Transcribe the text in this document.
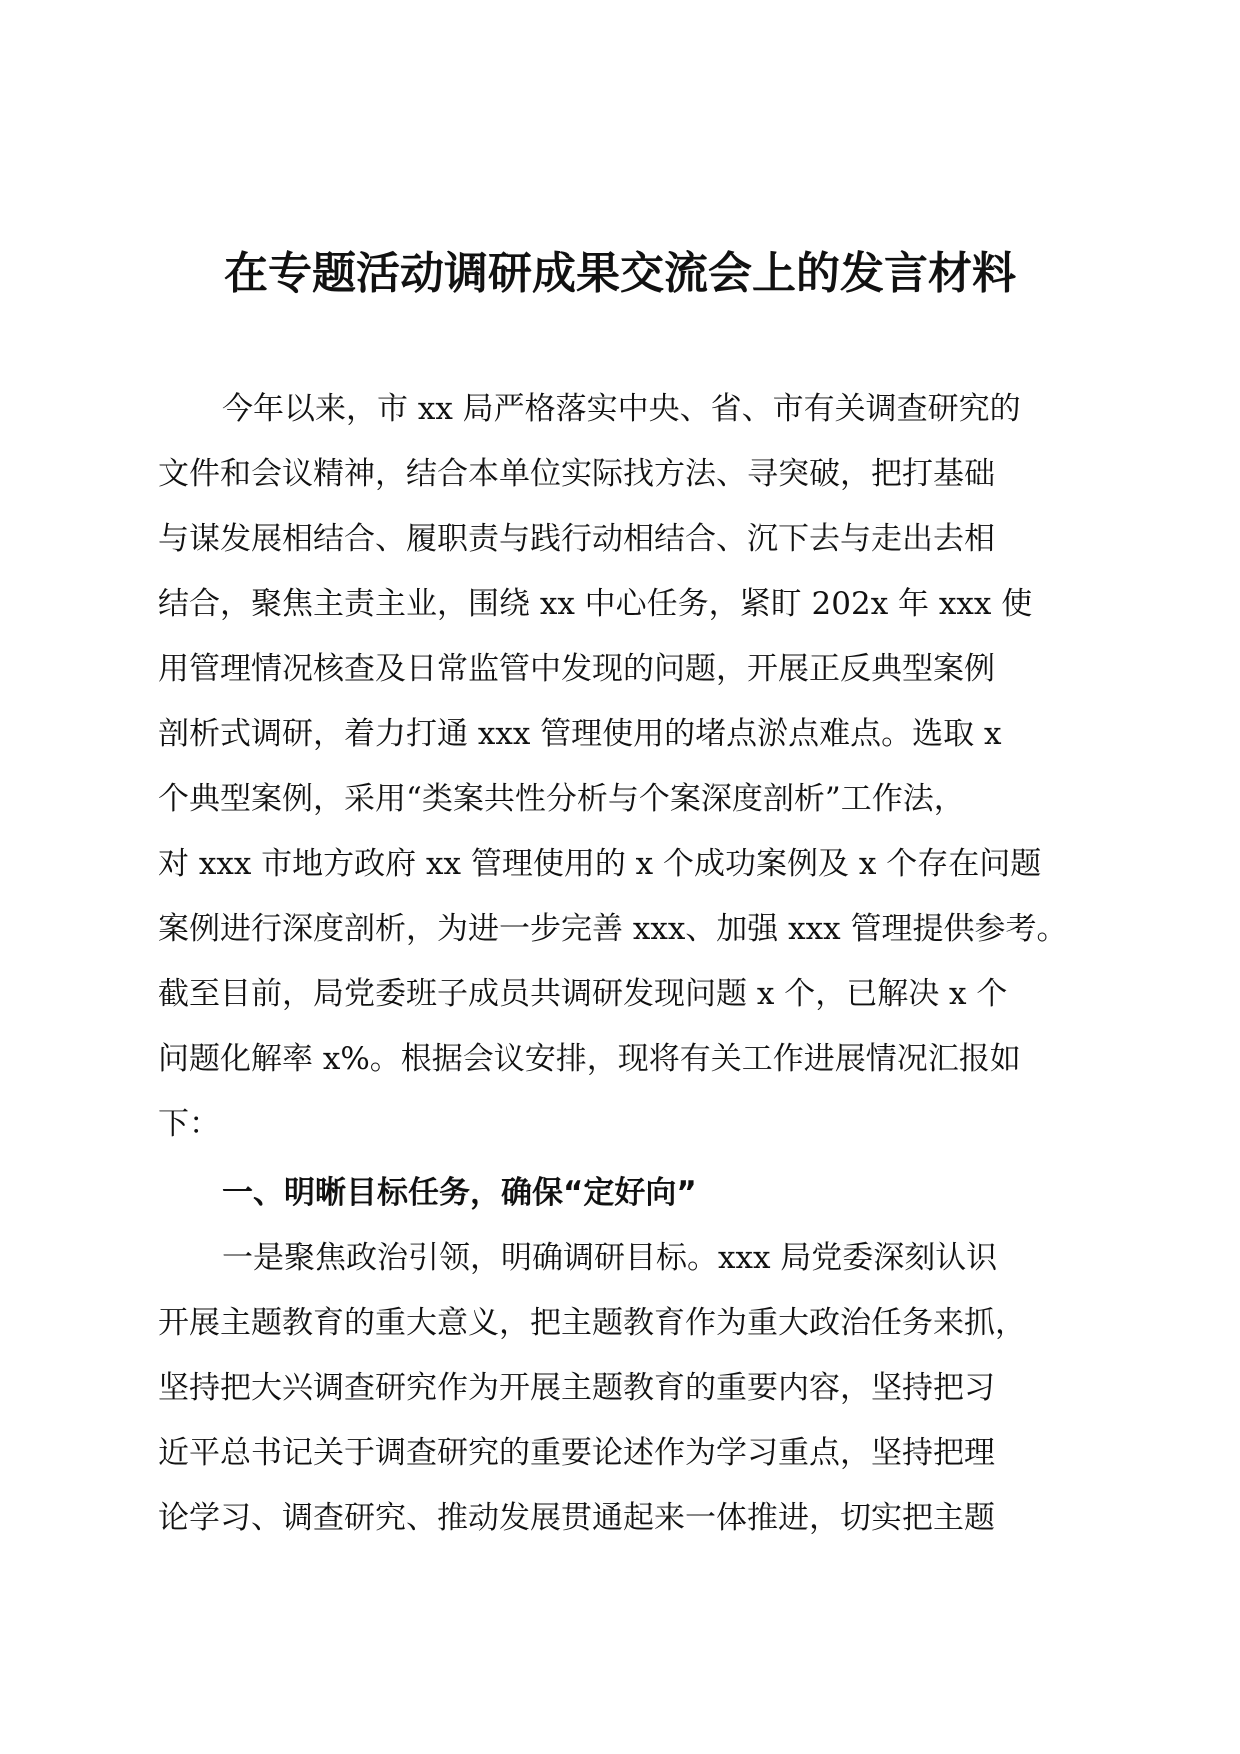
在专题活动调研成果交流会上的发言材料
今年以来，市 xx 局严格落实中央、省、市有关调查研究的
文件和会议精神，结合本单位实际找方法、寻突破，把打基础
与谋发展相结合、履职责与践行动相结合、沉下去与走出去相
结合，聚焦主责主业，围绕 xx 中心任务，紧盯 202x 年 xxx 使
用管理情况核查及日常监管中发现的问题，开展正反典型案例
剖析式调研，着力打通 xxx 管理使用的堵点淤点难点。选取 x
个典型案例，采用“类案共性分析与个案深度剖析”工作法，
对 xxx 市地方政府 xx 管理使用的 x 个成功案例及 x 个存在问题
案例进行深度剖析，为进一步完善 xxx、加强 xxx 管理提供参考。
截至目前，局党委班子成员共调研发现问题 x 个，已解决 x 个
问题化解率 x%。根据会议安排，现将有关工作进展情况汇报如
下：
一、明晰目标任务，确保“定好向”
一是聚焦政治引领，明确调研目标。xxx 局党委深刻认识
开展主题教育的重大意义，把主题教育作为重大政治任务来抓，
坚持把大兴调查研究作为开展主题教育的重要内容，坚持把习
近平总书记关于调查研究的重要论述作为学习重点，坚持把理
论学习、调查研究、推动发展贯通起来一体推进，切实把主题
